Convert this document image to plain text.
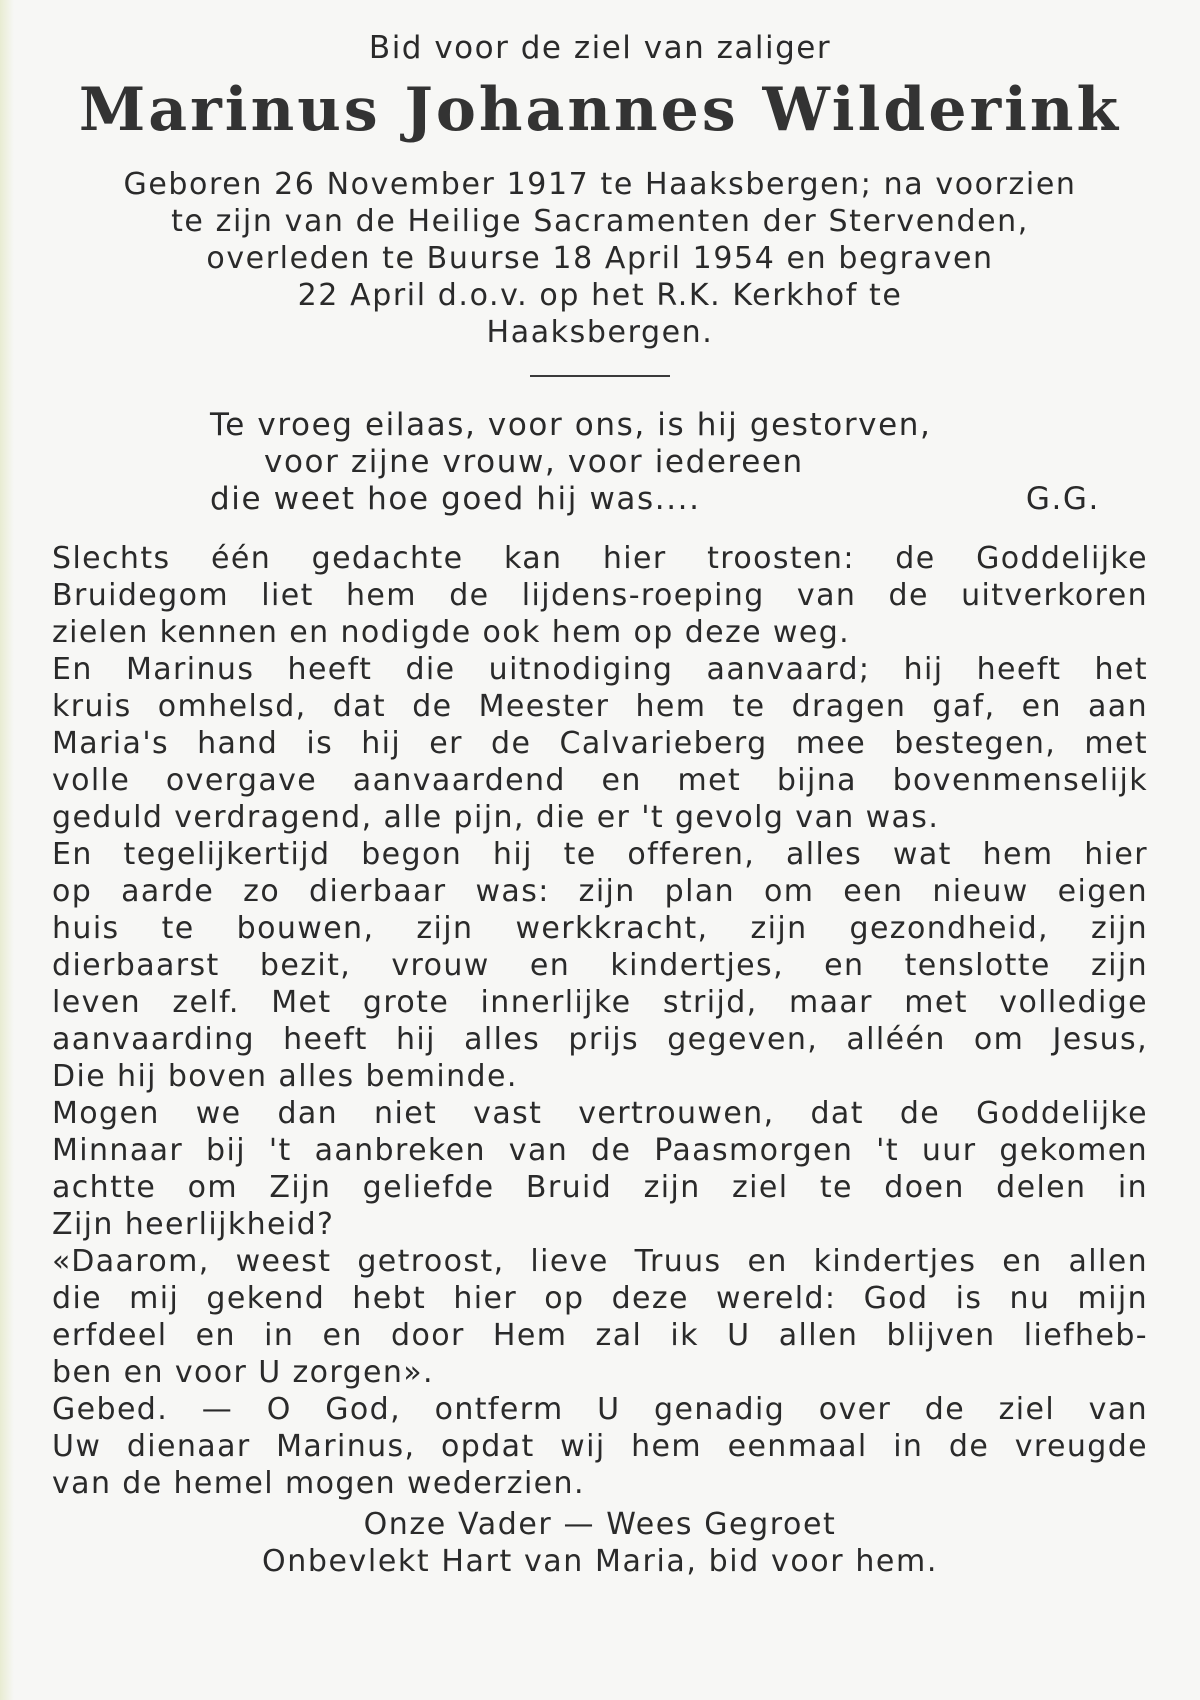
Bid voor de ziel van zaliger
Marinus Johannes Wilderink
Geboren 26 November 1917 te Haaksbergen; na voorzien
te zijn van de Heilige Sacramenten der Stervenden,
overleden te Buurse 18 April 1954 en begraven
22 April d.o.v. op het R.K. Kerkhof te
Haaksbergen.
Te vroeg eilaas, voor ons, is hij gestorven,
voor zijne vrouw, voor iedereen
die weet hoe goed hij was....	G.G.
Slechts één gedachte kan hier troosten: de Goddelijke
Bruidegom liet hem de lijdens-roeping van de uitverkoren
zielen kennen en nodigde ook hem op deze weg.
En Marinus heeft die uitnodiging aanvaard; hij heeft het
kruis omhelsd, dat de Meester hem te dragen gaf, en aan
Maria's hand is hij er de Calvarieberg mee bestegen, met
volle overgave aanvaardend en met bijna bovenmenselijk
geduld verdragend, alle pijn, die er 't gevolg van was.
En tegelijkertijd begon hij te offeren, alles wat hem hier
op aarde zo dierbaar was: zijn plan om een nieuw eigen
huis te bouwen, zijn werkkracht, zijn gezondheid, zijn
dierbaarst bezit, vrouw en kindertjes, en tenslotte zijn
leven zelf. Met grote innerlijke strijd, maar met volledige
aanvaarding heeft hij alles prijs gegeven, alléén om Jesus,
Die hij boven alles beminde.
Mogen we dan niet vast vertrouwen, dat de Goddelijke
Minnaar bij 't aanbreken van de Paasmorgen 't uur gekomen
achtte om Zijn geliefde Bruid zijn ziel te doen delen in
Zijn heerlijkheid?
«Daarom, weest getroost, lieve Truus en kindertjes en allen
die mij gekend hebt hier op deze wereld: God is nu mijn
erfdeel en in en door Hem zal ik U allen blijven liefheb-
ben en voor U zorgen».
Gebed. — O God, ontferm U genadig over de ziel van
Uw dienaar Marinus, opdat wij hem eenmaal in de vreugde
van de hemel mogen wederzien.
Onze Vader — Wees Gegroet
Onbevlekt Hart van Maria, bid voor hem.
